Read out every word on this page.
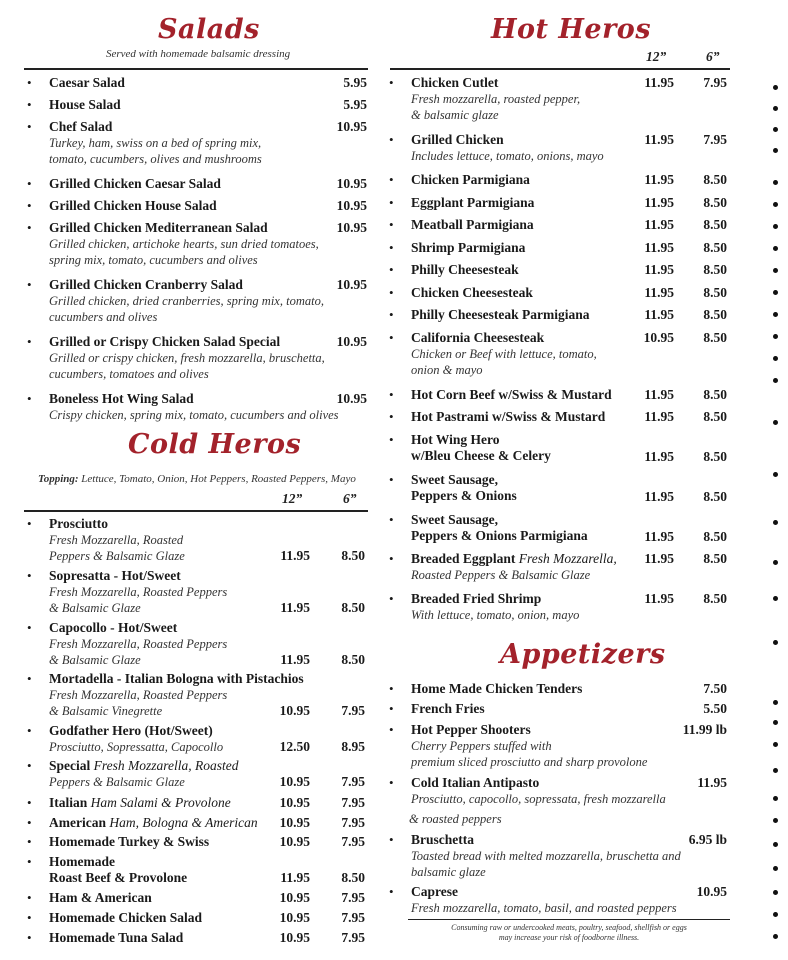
Salads
Served with homemade balsamic dressing
• Caesar Salad	5.95
• House Salad	5.95
• Chef Salad
Turkey, ham, swiss on a bed of spring mix,
tomato, cucumbers, olives and mushrooms
10.95
• Grilled Chicken Caesar Salad	10.95
• Grilled Chicken House Salad	10.95
• Grilled Chicken Mediterranean Salad
Grilled chicken, artichoke hearts, sun dried tomatoes,
spring mix, tomato, cucumbers and olives
10.95
• Grilled Chicken Cranberry Salad
Grilled chicken, dried cranberries, spring mix, tomato,
cucumbers and olives
10.95
• Grilled or Crispy Chicken Salad Special
Grilled or crispy chicken, fresh mozzarella, bruschetta,
cucumbers, tomatoes and olives
10.95
• Boneless Hot Wing Salad
Crispy chicken, spring mix, tomato, cucumbers and olives
10.95
Cold Heros
Topping: Lettuce, Tomato, Onion, Hot Peppers, Roasted Peppers, Mayo
12”	6”
• Prosciutto
Fresh Mozzarella, Roasted
Peppers & Balsamic Glaze	11.95 8.50
• Sopresatta - Hot/Sweet
Fresh Mozzarella, Roasted Peppers
& Balsamic Glaze	11.95 8.50
• Capocollo - Hot/Sweet
Fresh Mozzarella, Roasted Peppers
& Balsamic Glaze	11.95 8.50
• Mortadella - Italian Bologna with Pistachios
Fresh Mozzarella, Roasted Peppers
& Balsamic Vinegrette	10.95 7.95
• Godfather Hero (Hot/Sweet)
Prosciutto, Sopressatta, Capocollo	12.50 8.95
• Special Fresh Mozzarella, Roasted
Peppers & Balsamic Glaze	10.95 7.95
• Italian Ham Salami & Provolone	10.95 7.95
• American Ham, Bologna & American 10.95 7.95
• Homemade Turkey & Swiss	10.95 7.95
• Homemade
Roast Beef & Provolone	11.95 8.50
• Ham & American	10.95 7.95
• Homemade Chicken Salad	10.95 7.95
• Homemade Tuna Salad	10.95 7.95
Hot Heros
12”	6”
• Chicken Cutlet
Fresh mozzarella, roasted pepper,
& balsamic glaze
11.95 7.95
• Grilled Chicken
Includes lettuce, tomato, onions, mayo
11.95 7.95
• Chicken Parmigiana	11.95 8.50
• Eggplant Parmigiana	11.95 8.50
• Meatball Parmigiana	11.95 8.50
• Shrimp Parmigiana	11.95 8.50
• Philly Cheesesteak	11.95 8.50
• Chicken Cheesesteak	11.95 8.50
• Philly Cheesesteak Parmigiana	11.95 8.50
• California Cheesesteak
Chicken or Beef with lettuce, tomato,
onion & mayo
10.95 8.50
• Hot Corn Beef w/Swiss & Mustard 11.95 8.50
• Hot Pastrami w/Swiss & Mustard	11.95 8.50
• Hot Wing Hero
w/Bleu Cheese & Celery	11.95 8.50
• Sweet Sausage,
Peppers & Onions	11.95 8.50
• Sweet Sausage,
Peppers & Onions Parmigiana	11.95 8.50
• Breaded Eggplant Fresh Mozzarella,
Roasted Peppers & Balsamic Glaze
11.95 8.50
• Breaded Fried Shrimp
With lettuce, tomato, onion, mayo
11.95 8.50
Appetizers
• Home Made Chicken Tenders	7.50
• French Fries	5.50
• Hot Pepper Shooters
Cherry Peppers stuffed with
premium sliced prosciutto and sharp provolone
11.99 lb
• Cold Italian Antipasto
Prosciutto, capocollo, sopressata, fresh mozzarella
11.95
& roasted peppers
• Bruschetta
Toasted bread with melted mozzarella, bruschetta and
balsamic glaze
6.95 lb
• Caprese
Fresh mozzarella, tomato, basil, and roasted peppers
10.95
Consuming raw or undercooked meats, poultry, seafood, shellfish or eggs
may increase your risk of foodborne illness.
